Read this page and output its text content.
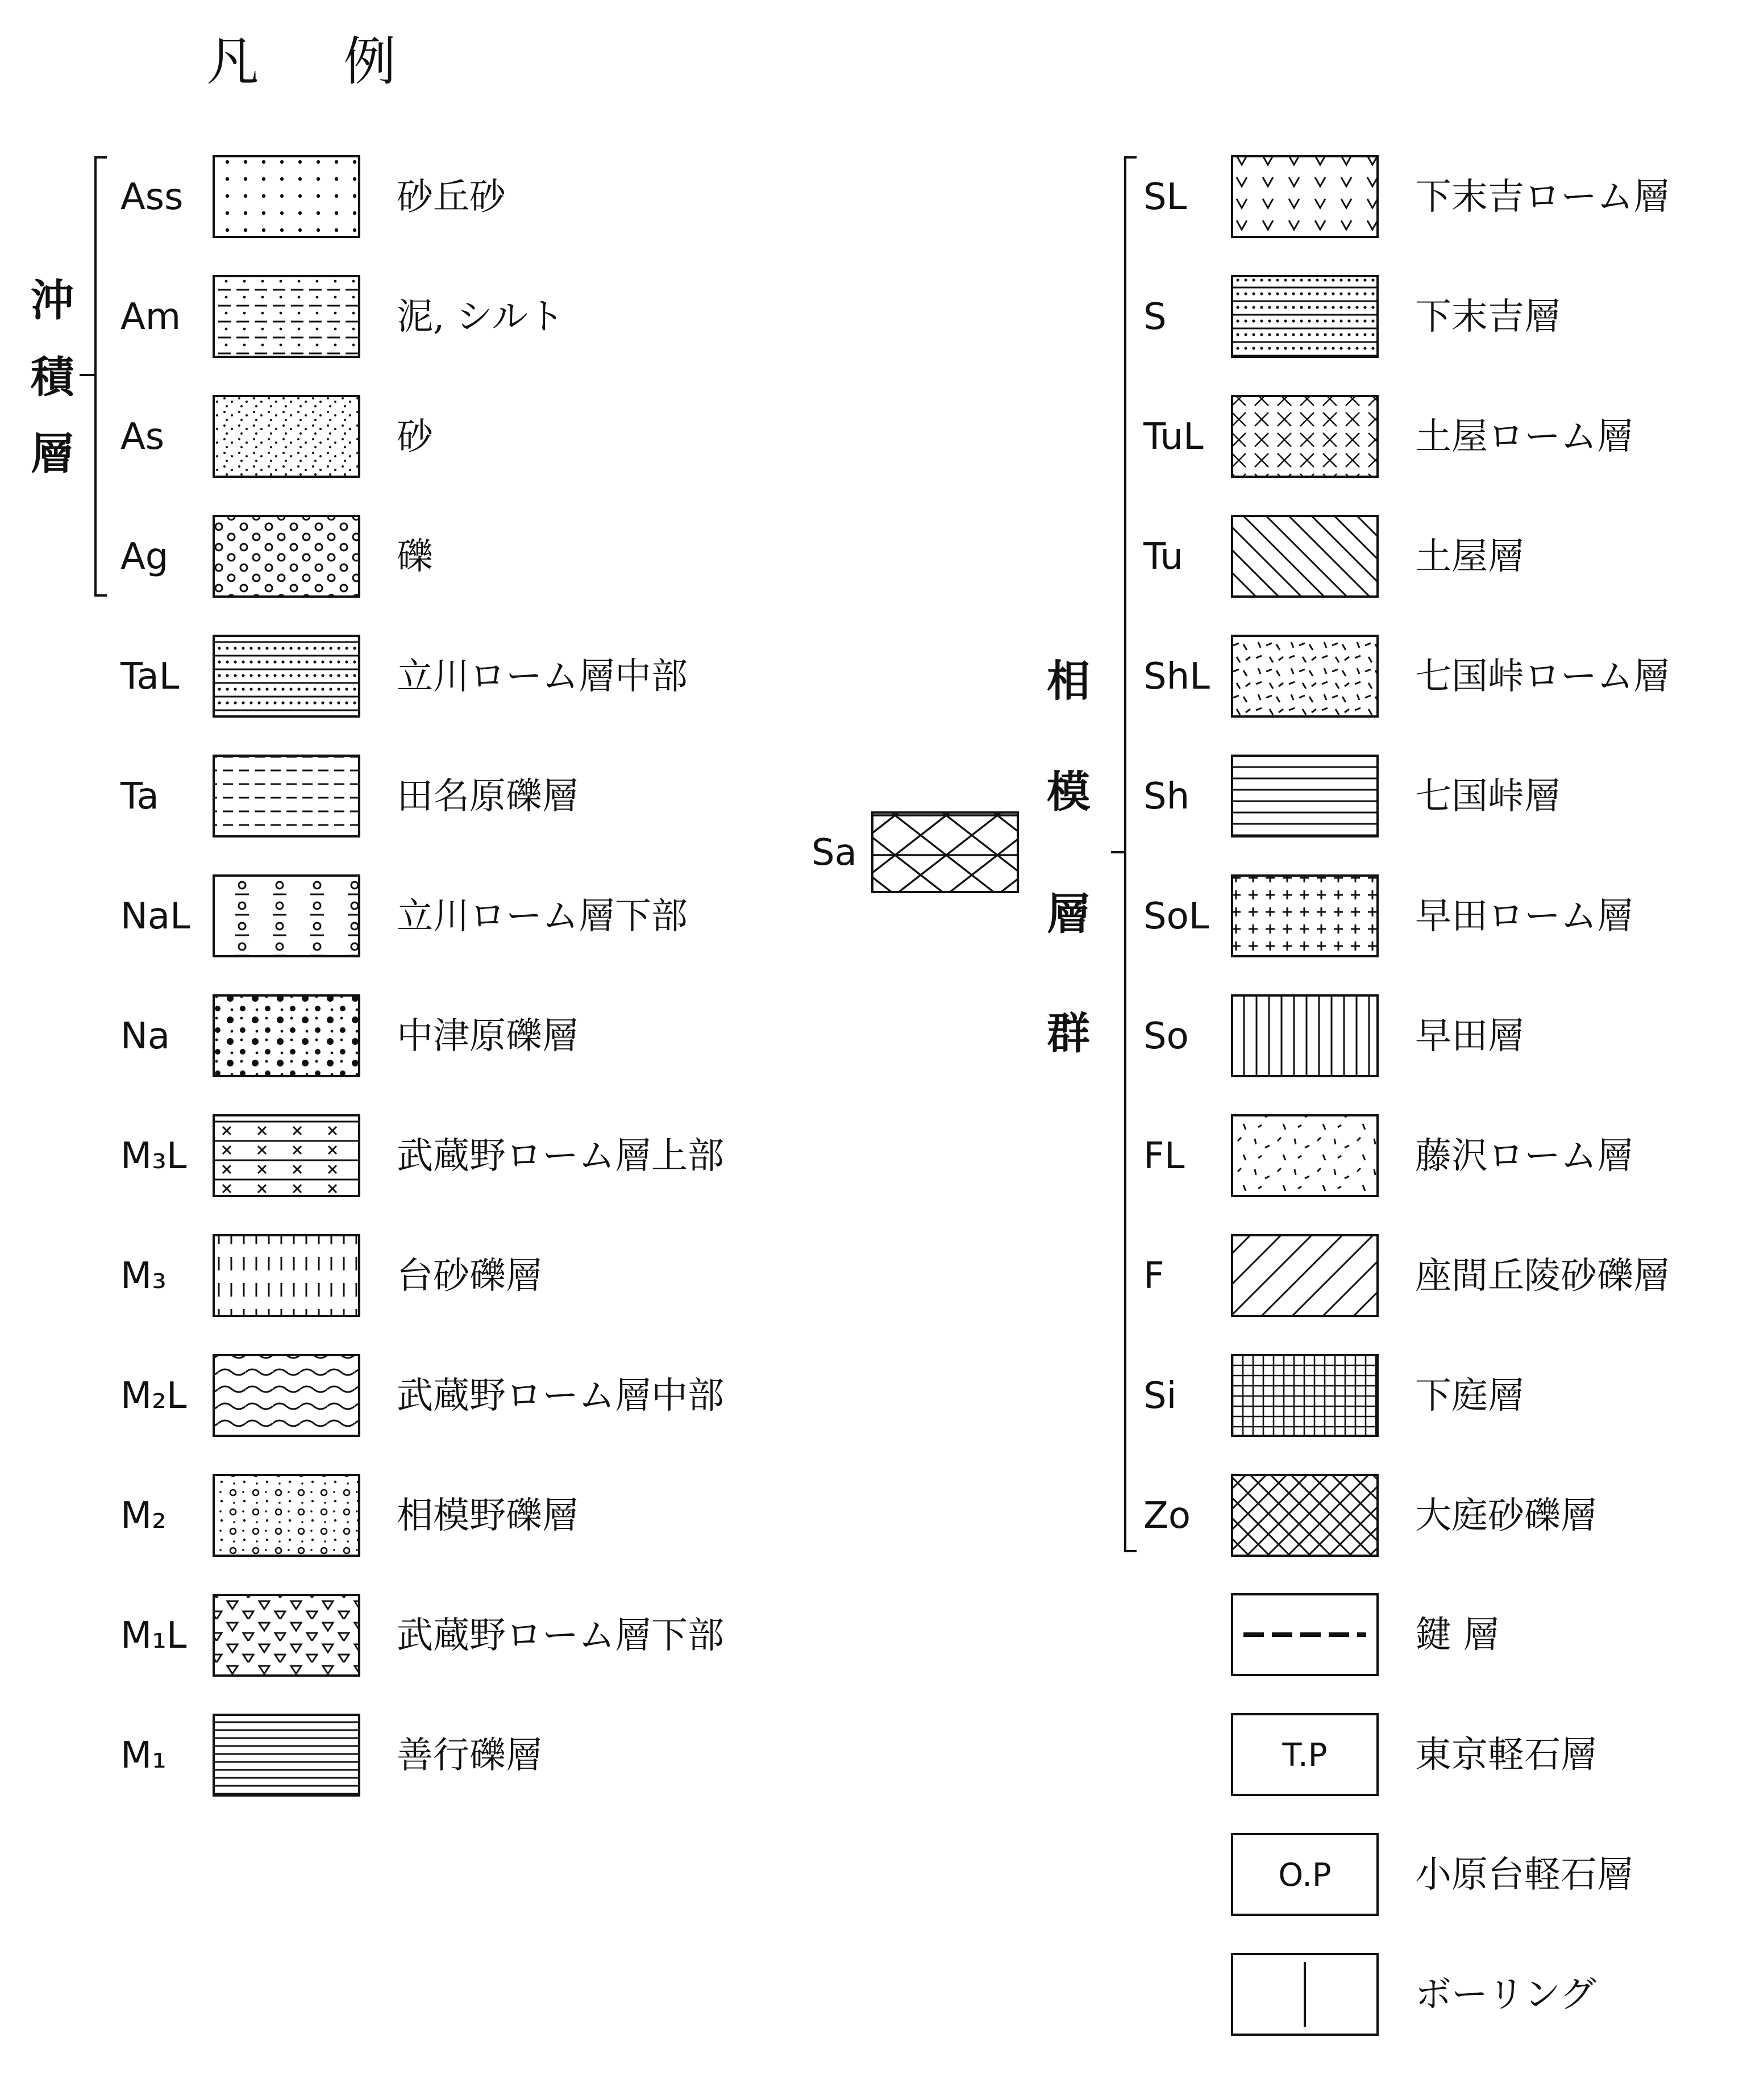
凡 例
沖
積
層
相
模
層
群
Ass	砂丘砂
Am	泥, シルト
As	砂
Ag	礫
TaL	立川ローム層中部
Ta	田名原礫層
NaL	立川ローム層下部
Na	中津原礫層
M₃L	武蔵野ローム層上部
M₃	台砂礫層
M₂L	武蔵野ローム層中部
M₂	相模野礫層
M₁L	武蔵野ローム層下部
M₁	善行礫層
SL	下末吉ローム層
S	下末吉層
TuL	土屋ローム層
Tu	土屋層
ShL	七国峠ローム層
Sh	七国峠層
SoL	早田ローム層
So	早田層
FL	藤沢ローム層
F	座間丘陵砂礫層
Si	下庭層
Zo	大庭砂礫層
鍵 層
T.P 東京軽石層
O.P 小原台軽石層
ボーリング
Sa
